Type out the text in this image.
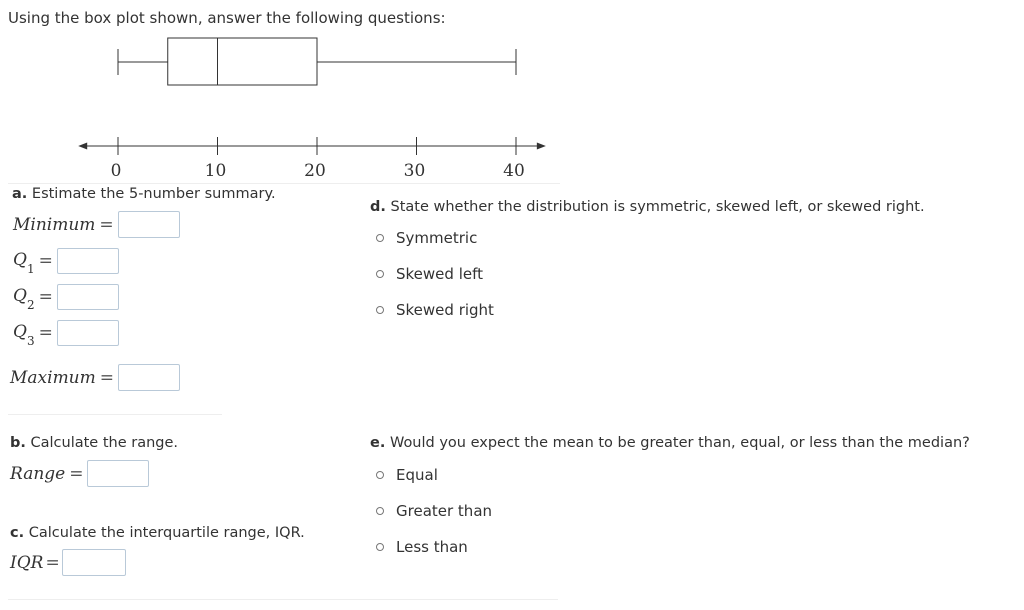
Using the box plot shown, answer the following questions:
0	10	20	30	40
a. Estimate the 5-number summary.
Minimum =
$Q_1$ =
$Q_2$ =
$Q_3$ =
Maximum =
b. Calculate the range.
Range =
c. Calculate the interquartile range, IQR.
IQR =
d. State whether the distribution is symmetric, skewed left, or skewed right.
Symmetric
Skewed left
Skewed right
e. Would you expect the mean to be greater than, equal, or less than the median?
Equal
Greater than
Less than
